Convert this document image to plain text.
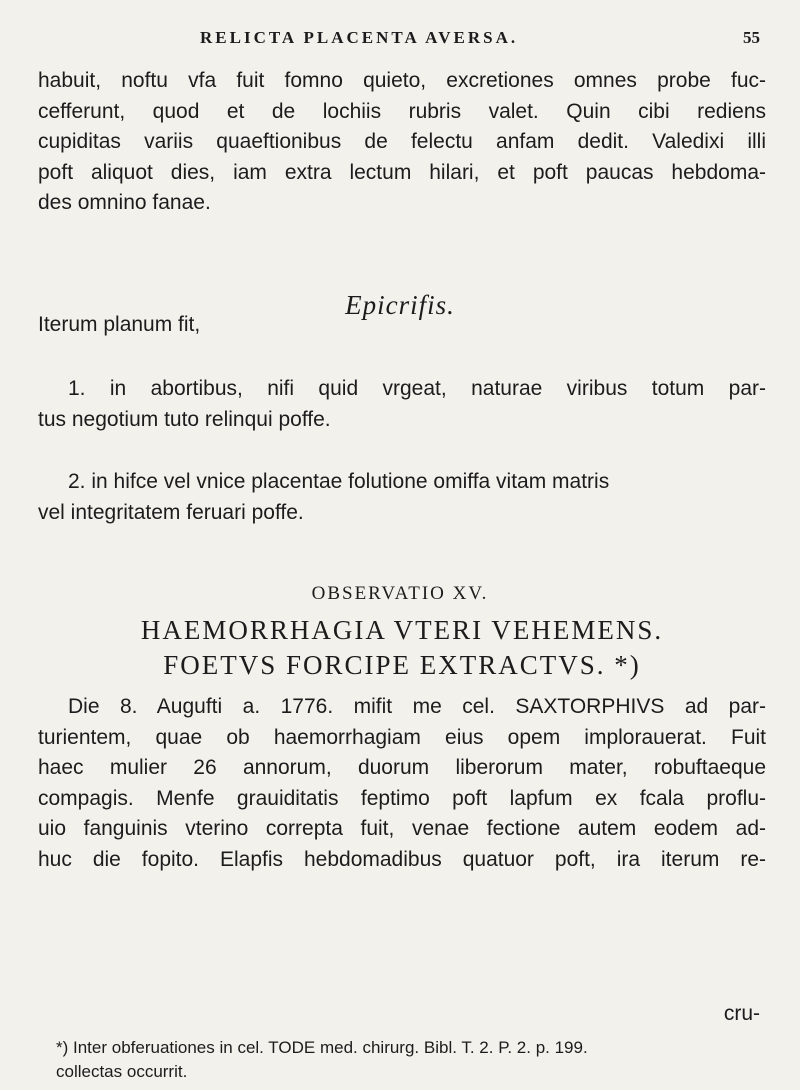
RELICTA PLACENTA AVERSA.	55
habuit, noftu vfa fuit fomno quieto, excretiones omnes probe fuc-
cefferunt, quod et de lochiis rubris valet. Quin cibi rediens
cupiditas variis quaeftionibus de felectu anfam dedit. Valedixi illi
poft aliquot dies, iam extra lectum hilari, et poft paucas hebdoma-
des omnino fanae.
Epicrifis.
Iterum planum fit,
1. in abortibus, nifi quid vrgeat, naturae viribus totum par-
tus negotium tuto relinqui poffe.
2. in hifce vel vnice placentae folutione omiffa vitam matris
vel integritatem feruari poffe.
OBSERVATIO XV.
HAEMORRHAGIA VTERI VEHEMENS.
FOETVS FORCIPE EXTRACTVS. *)
Die 8. Augufti a. 1776. mifit me cel. SAXTORPHIVS ad par-
turientem, quae ob haemorrhagiam eius opem implorauerat. Fuit
haec mulier 26 annorum, duorum liberorum mater, robuftaeque
compagis. Menfe grauiditatis feptimo poft lapfum ex fcala proflu-
uio fanguinis vterino correpta fuit, venae fectione autem eodem ad-
huc die fopito. Elapfis hebdomadibus quatuor poft, ira iterum re-
cru-
*) Inter obferuationes in cel. TODE med. chirurg. Bibl. T. 2. P. 2. p. 199.
collectas occurrit.
